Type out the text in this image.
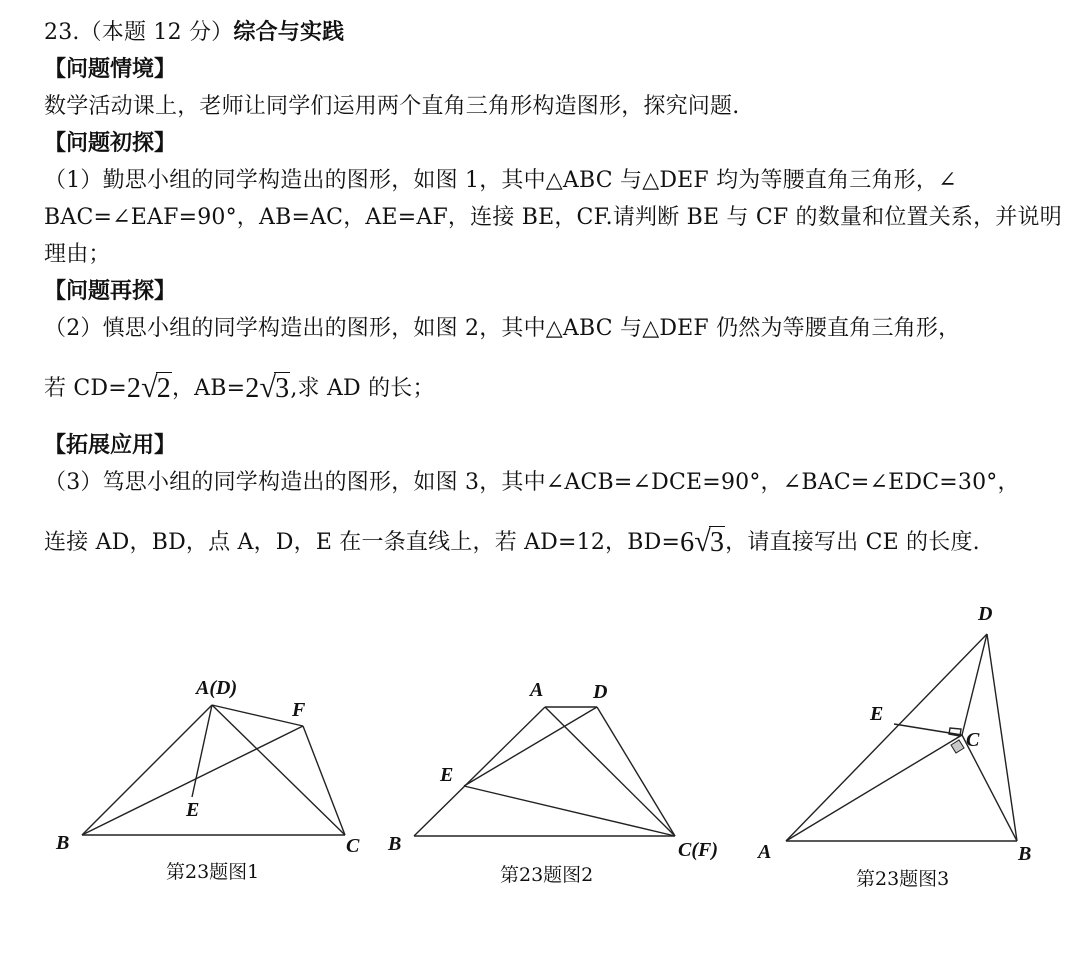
23.（本题 12 分）综合与实践
【问题情境】
数学活动课上，老师让同学们运用两个直角三角形构造图形，探究问题.
【问题初探】
（1）勤思小组的同学构造出的图形，如图 1，其中△ABC 与△DEF 均为等腰直角三角形，∠
BAC=∠EAF=90°，AB=AC，AE=AF，连接 BE，CF.请判断 BE 与 CF 的数量和位置关系，并说明
理由；
【问题再探】
（2）慎思小组的同学构造出的图形，如图 2，其中△ABC 与△DEF 仍然为等腰直角三角形，
若 CD=2√2，AB=2√3,求 AD 的长；
【拓展应用】
（3）笃思小组的同学构造出的图形，如图 3，其中∠ACB=∠DCE=90°，∠BAC=∠EDC=30°，
连接 AD，BD，点 A，D，E 在一条直线上，若 AD=12，BD=6√3，请直接写出 CE 的长度.
A(D)
F
E
B	C
第23题图1
A D
E
B	C(F)
第23题图2
D
E
C
A	B
第23题图3
